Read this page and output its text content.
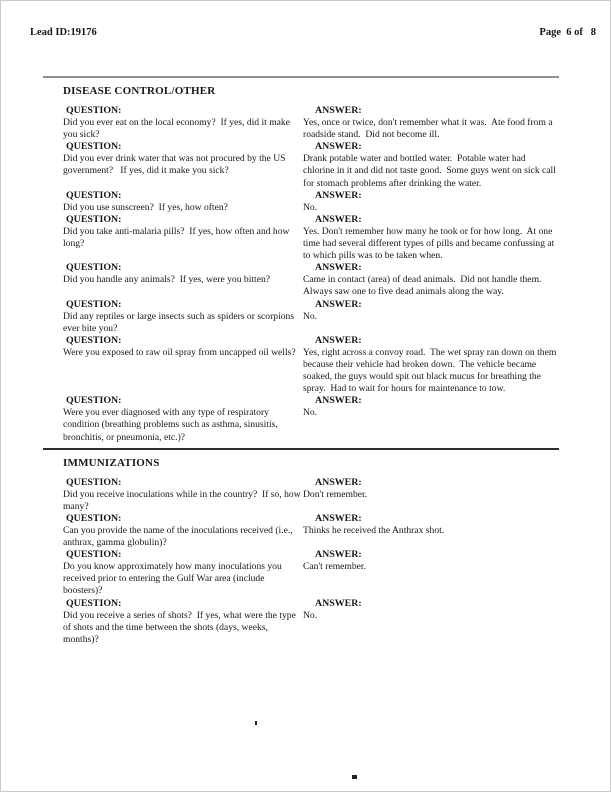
Lead ID:19176	Page  6 of   8
DISEASE CONTROL/OTHER
QUESTION:
Did you ever eat on the local economy?  If yes, did it make you sick?
ANSWER:
Yes, once or twice, don't remember what it was.  Ate food from a roadside stand.  Did not become ill.
QUESTION:
Did you ever drink water that was not procured by the US government?   If yes, did it make you sick?
ANSWER:
Drank potable water and bottled water.  Potable water had chlorine in it and did not taste good.  Some guys went on sick call for stomach problems after drinking the water.
QUESTION:
Did you use sunscreen?  If yes, how often?
ANSWER:
No.
QUESTION:
Did you take anti-malaria pills?  If yes, how often and how long?
ANSWER:
Yes. Don't remember how many he took or for how long.  At one time had several different types of pills and became confussing at to which pills was to be taken when.
QUESTION:
Did you handle any animals?  If yes, were you bitten?
ANSWER:
Came in contact (area) of dead animals.  Did not handle them.  Always saw one to five dead animals along the way.
QUESTION:
Did any reptiles or large insects such as spiders or scorpions ever bite you?
ANSWER:
No.
QUESTION:
Were you exposed to raw oil spray from uncapped oil wells?
ANSWER:
Yes, right across a convoy road.  The wet spray ran down on them because their vehicle had broken down.  The vehicle became soaked, the guys would spit out black mucus for breathing the spray.  Had to wait for hours for maintenance to tow.
QUESTION:
Were you ever diagnosed with any type of respiratory condition (breathing problems such as asthma, sinusitis, bronchitis, or pneumonia, etc.)?
ANSWER:
No.
IMMUNIZATIONS
QUESTION:
Did you receive inoculations while in the country?  If so, how many?
ANSWER:
Don't remember.
QUESTION:
Can you provide the name of the inoculations received (i.e., anthrax, gamma globulin)?
ANSWER:
Thinks he received the Anthrax shot.
QUESTION:
Do you know approximately how many inoculations you received prior to entering the Gulf War area (include boosters)?
ANSWER:
Can't remember.
QUESTION:
Did you receive a series of shots?  If yes, what were the type of shots and the time between the shots (days, weeks, months)?
ANSWER:
No.
